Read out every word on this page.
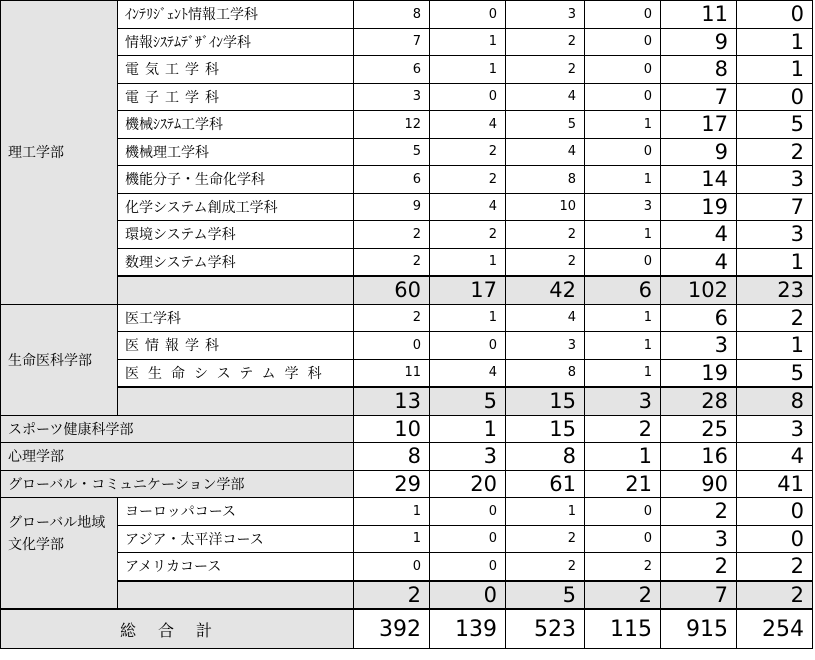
理工学部	ｲﾝﾃﾘｼﾞｪﾝﾄ情報工学科	8	0	3	0	11	0
	情報ｼｽﾃﾑﾃﾞｻﾞｲﾝ学科	7	1	2	0	9	1
	電気工学科	6	1	2	0	8	1
	電子工学科	3	0	4	0	7	0
	機械ｼｽﾃﾑ工学科	12	4	5	1	17	5
	機械理工学科	5	2	4	0	9	2
	機能分子・生命化学科	6	2	8	1	14	3
	化学システム創成工学科	9	4	10	3	19	7
	環境システム学科	2	2	2	1	4	3
	数理システム学科	2	1	2	0	4	1
		60	17	42	6	102	23
生命医科学部	医工学科	2	1	4	1	6	2
	医情報学科	0	0	3	1	3	1
	医生命システム学科	11	4	8	1	19	5
		13	5	15	3	28	8
スポーツ健康科学部		10	1	15	2	25	3
心理学部		8	3	8	1	16	4
グローバル・コミュニケーション学部		29	20	61	21	90	41
グローバル地域文化学部	ヨーロッパコース	1	0	1	0	2	0
	アジア・太平洋コース	1	0	2	0	3	0
	アメリカコース	0	0	2	2	2	2
		2	0	5	2	7	2
総合計		392	139	523	115	915	254
